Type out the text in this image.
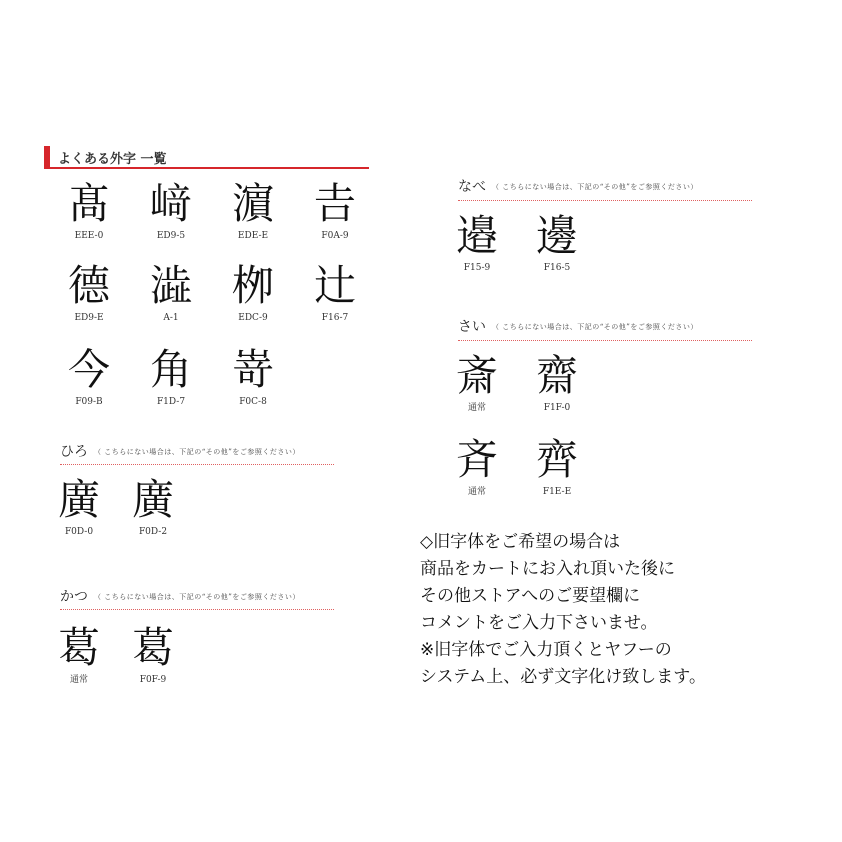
よくある外字 一覧
髙
EEE-0
﨑
ED9-5
濵
EDE-E
𠮷
F0A-9
德
ED9-E
澁
A-1
栁
EDC-9
辻
F16-7
今
F09-B
角
F1D-7
嵜
F0C-8
ひろ （ こちらにない場合は、下記の“その他”をご参照ください）
廣
F0D-0
廣
F0D-2
かつ （ こちらにない場合は、下記の“その他”をご参照ください）
葛
通常
葛
F0F-9
なべ （ こちらにない場合は、下記の“その他”をご参照ください）
邉
F15-9
邊
F16-5
さい （ こちらにない場合は、下記の“その他”をご参照ください）
斎
通常
齋
F1F-0
斉
通常
齊
F1E-E
◇旧字体をご希望の場合は
商品をカートにお入れ頂いた後に
その他ストアへのご要望欄に
コメントをご入力下さいませ。
※旧字体でご入力頂くとヤフーの
システム上、必ず文字化け致します。
